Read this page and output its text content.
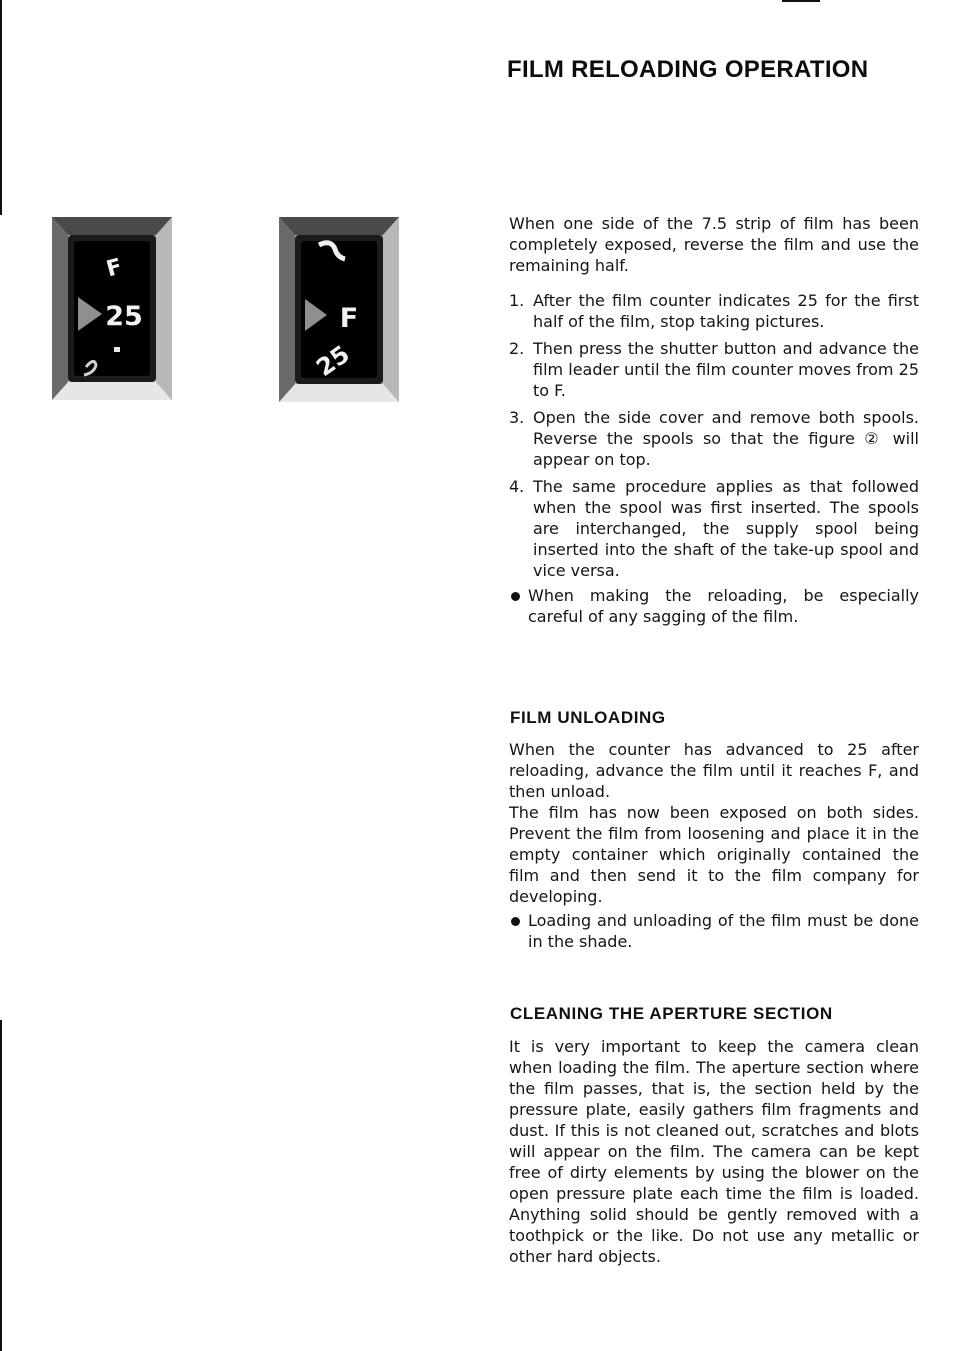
FILM RELOADING OPERATION
F
25	F
25

When one side of the 7.5 strip of film has been completely exposed, reverse the film and use the remaining half.

1. After the film counter indicates 25 for the first half of the film, stop taking pictures.
2. Then press the shutter button and advance the film leader until the film counter moves from 25 to F.
3. Open the side cover and remove both spools. Reverse the spools so that the figure ② will appear on top.
4. The same procedure applies as that followed when the spool was first inserted. The spools are interchanged, the supply spool being inserted into the shaft of the take-up spool and vice versa.
When making the reloading, be especially careful of any sagging of the film.
FILM UNLOADING

When the counter has advanced to 25 after reloading, advance the film until it reaches F, and then unload.

The film has now been exposed on both sides. Prevent the film from loosening and place it in the empty container which originally contained the film and then send it to the film company for developing.

Loading and unloading of the film must be done in the shade.
CLEANING THE APERTURE SECTION

It is very important to keep the camera clean when loading the film. The aperture section where the film passes, that is, the section held by the pressure plate, easily gathers film fragments and dust. If this is not cleaned out, scratches and blots will appear on the film. The camera can be kept free of dirty elements by using the blower on the open pressure plate each time the film is loaded. Anything solid should be gently removed with a toothpick or the like. Do not use any metallic or other hard objects.
